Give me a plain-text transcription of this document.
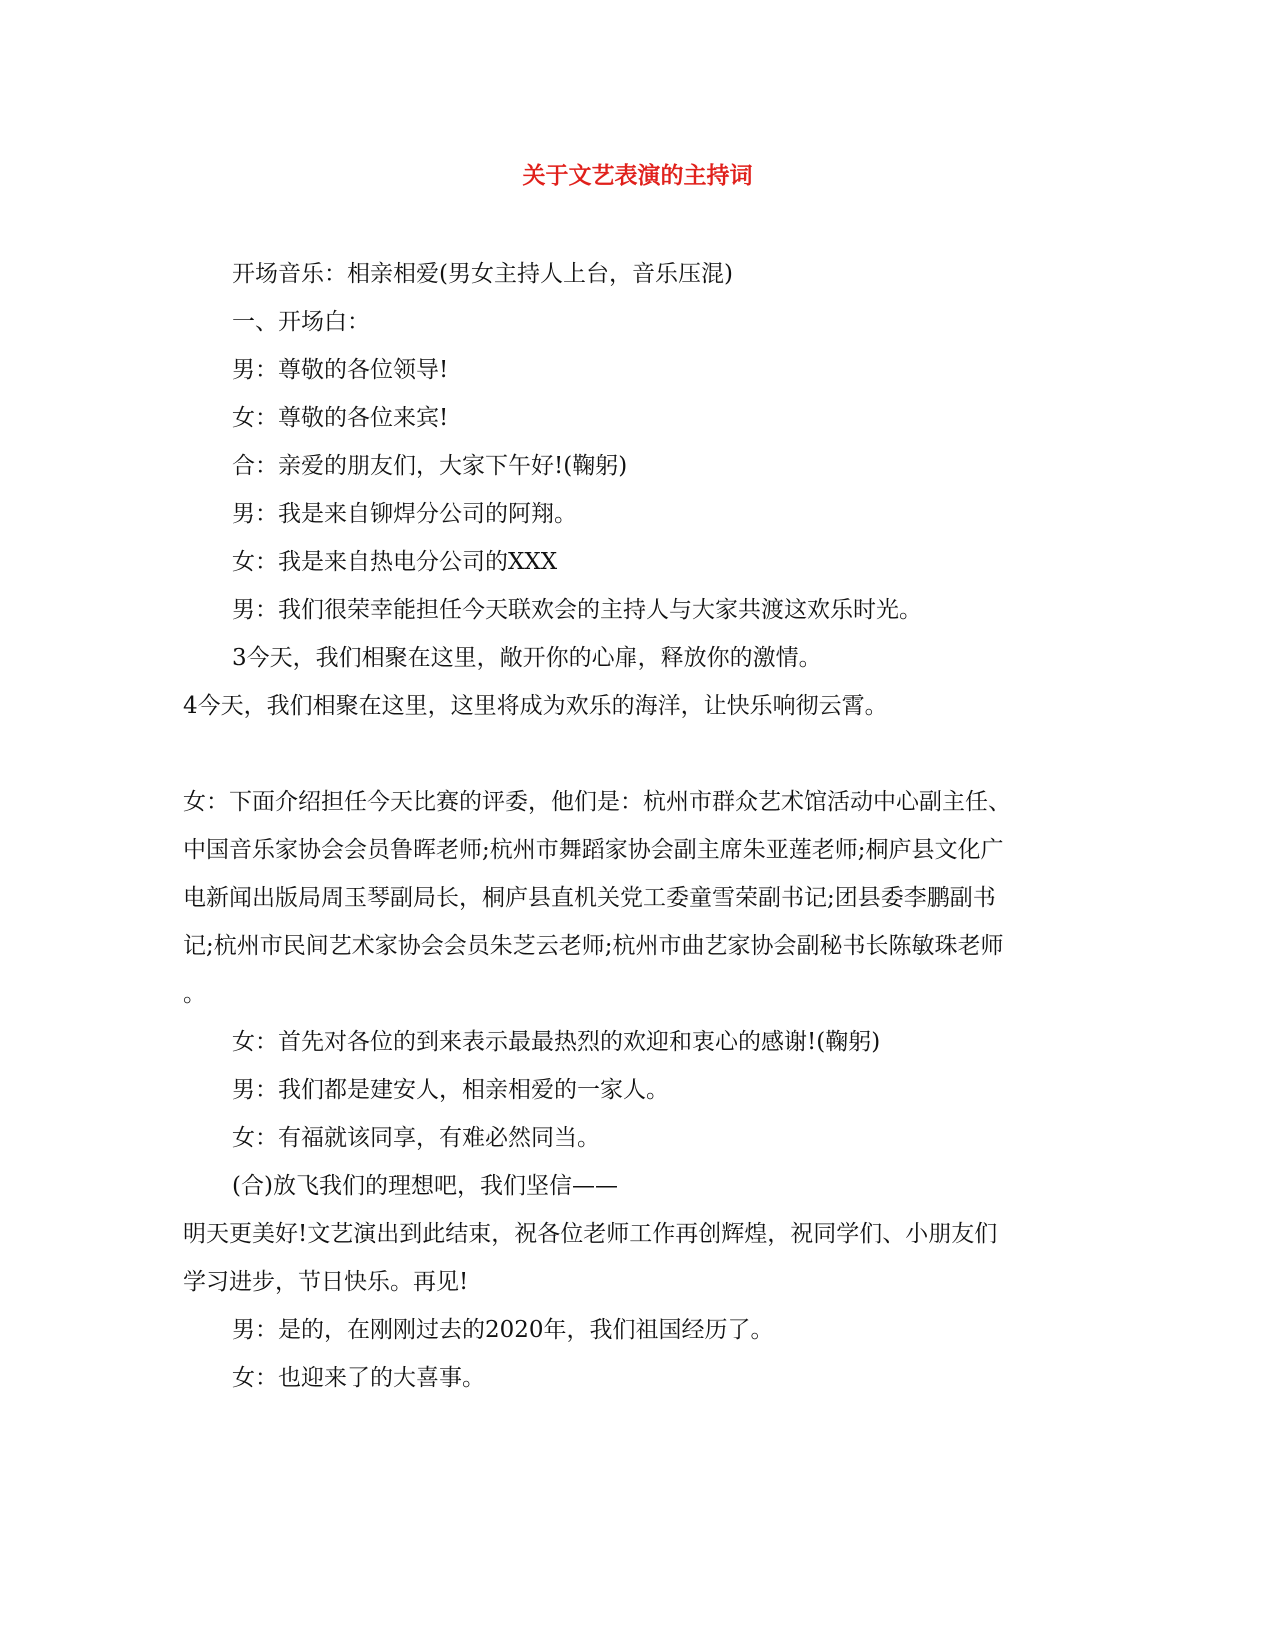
关于文艺表演的主持词

开场音乐：相亲相爱(男女主持人上台，音乐压混)

一、开场白：

男：尊敬的各位领导!

女：尊敬的各位来宾!

合：亲爱的朋友们，大家下午好!(鞠躬)

男：我是来自铆焊分公司的阿翔。

女：我是来自热电分公司的XXX

男：我们很荣幸能担任今天联欢会的主持人与大家共渡这欢乐时光。

3今天，我们相聚在这里，敞开你的心扉，释放你的激情。

4今天，我们相聚在这里，这里将成为欢乐的海洋，让快乐响彻云霄。

女：下面介绍担任今天比赛的评委，他们是：杭州市群众艺术馆活动中心副主任、

中国音乐家协会会员鲁晖老师;杭州市舞蹈家协会副主席朱亚莲老师;桐庐县文化广

电新闻出版局周玉琴副局长，桐庐县直机关党工委童雪荣副书记;团县委李鹏副书

记;杭州市民间艺术家协会会员朱芝云老师;杭州市曲艺家协会副秘书长陈敏珠老师

。

女：首先对各位的到来表示最最热烈的欢迎和衷心的感谢!(鞠躬)

男：我们都是建安人，相亲相爱的一家人。

女：有福就该同享，有难必然同当。

(合)放飞我们的理想吧，我们坚信——

明天更美好!文艺演出到此结束，祝各位老师工作再创辉煌，祝同学们、小朋友们

学习进步，节日快乐。再见!

男：是的，在刚刚过去的2020年，我们祖国经历了。

女：也迎来了的大喜事。
